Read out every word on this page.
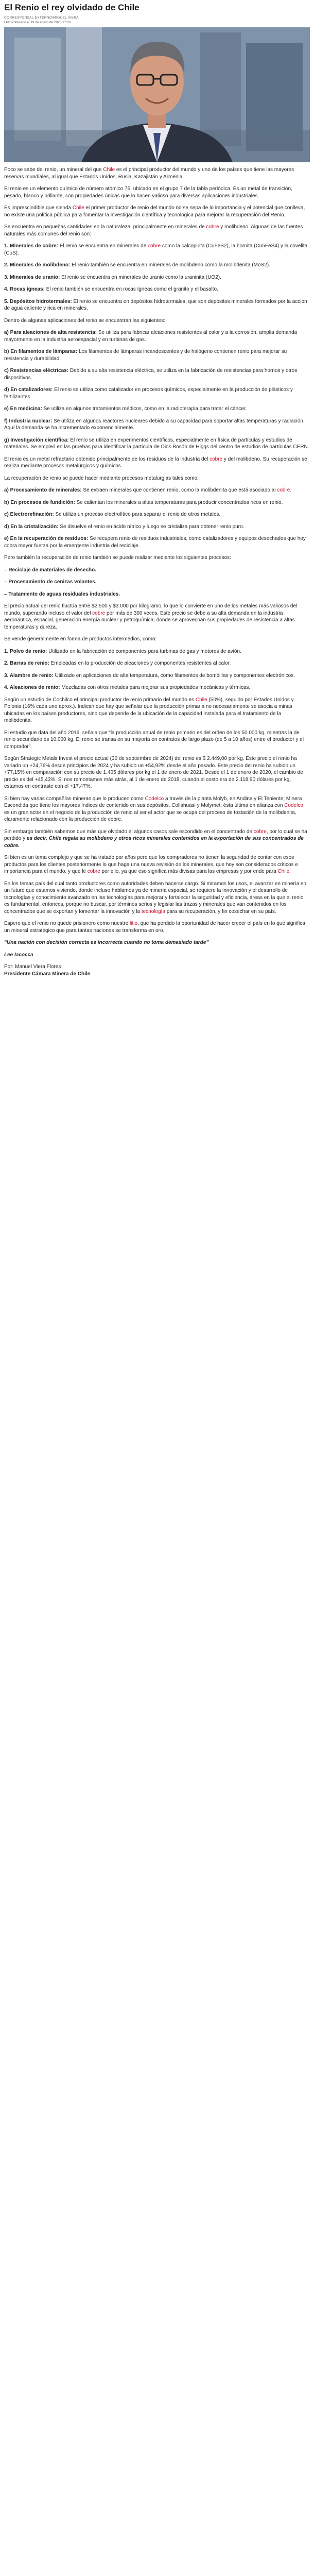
El Renio el rey olvidado de Chile
CORRESPONSAL EXTERNO/MIGUEL VIERA
LPB Publicado el 19 de enero de 2023 17:00

Poco se sabe del renio, un mineral del que Chile es el principal productor del mundo y uno de los países que tiene las mayores reservas mundiales, al igual que Estados Unidos, Rusia, Kazajistán y Armenia.

El renio es un elemento químico de número atómico 75, ubicado en el grupo 7 de la tabla periódica. Es un metal de transición, pesado, blanco y brillante, con propiedades únicas que lo hacen valioso para diversas aplicaciones industriales.

Es imprescindible que sienda Chile el primer productor de renio del mundo no se sepa de lo importancia y el potencial que conlleva, no existe una política pública para fomentar la investigación científica y tecnológica para mejorar la recuperación del Renio.

Se encuentra en pequeñas cantidades en la naturaleza, principalmente en minerales de cobre y molibdeno. Algunas de las fuentes naturales más comunes del renio son:

1. Minerales de cobre: El renio se encuentra en minerales de cobre como la calcopirita (CuFeS2), la bornita (Cu5FeS4) y la covelita (CuS).

2. Minerales de molibdeno: El renio también se encuentra en minerales de molibdeno como la molibdenita (MoS2).

3. Minerales de uranio: El renio se encuentra en minerales de uranio como la uraninita (UO2).

4. Rocas ígneas: El renio también se encuentra en rocas ígneas como el granito y el basalto.

5. Depósitos hidrotermales: El renio se encuentra en depósitos hidrotermales, que son depósitos minerales formados por la acción de agua caliente y rica en minerales.

Dentro de algunas aplicaciones del renio se encuentran las siguientes:

a) Para aleaciones de alta resistencia: Se utiliza para fabricar aleaciones resistentes al calor y a la corrosión, amplia demanda mayormente en la industria aeroespacial y en turbinas de gas.

b) En filamentos de lámparas: Los filamentos de lámparas incandescentes y de halógeno contienen renio para mejorar su resistencia y durabilidad.

c) Resistencias eléctricas: Debido a su alta resistencia eléctrica, se utiliza en la fabricación de resistencias para hornos y otros dispositivos.

d) En catalizadores: El renio se utiliza como catalizador en procesos químicos, especialmente en la producción de plásticos y fertilizantes.

e) En medicina: Se utiliza en algunos tratamientos médicos, como en la radioterapia para tratar el cáncer.

f) Industria nuclear: Se utiliza en algunos reactores nucleares debido a su capacidad para soportar altas temperaturas y radiación. Aquí la demanda se ha incrementado exponencialmente.

g) Investigación científica: El renio se utiliza en experimentos científicos, especialmente en física de partículas y estudios de materiales. Se empleó en las pruebas para identificar la partícula de Dios Bosón de Higgs del centro de estudios de partículas CERN.

El renio es un metal refractario obtenido principalmente de los residuos de la industria del cobre y del molibdeno. Su recuperación se realiza mediante procesos metalúrgicos y químicos.

La recuperación de renio se puede hacer mediante procesos metalurgias tales como:

a) Procesamiento de minerales: Se extraen minerales que contienen renio, como la molibdenita que está asociado al cobre.

b) En procesos de fundición: Se calientan los minerales a altas temperaturas para producir concentrados ricos en renio.

c) Electrorefinación: Se utiliza un proceso electrolítico para separar el renio de otros metales.

d) En la cristalización: Se disuelve el renio en ácido nítrico y luego se cristaliza para obtener renio puro.

e) En la recuperación de residuos: Se recupera renio de residuos industriales, como catalizadores y equipos desechados que hoy cobra mayor fuerza por la emergente industria del reciclaje.

Pero también la recuperación de renio también se puede realizar mediante los siguientes procesos:

– Reciclaje de materiales de desecho.

– Procesamiento de cenizas volantes.

– Tratamiento de aguas residuales industriales.

El precio actual del renio fluctúa entre $2.500 y $3.000 por kilogramo, lo que lo convierte en uno de los metales más valiosos del mundo, superando incluso el valor del cobre por más de 300 veces. Este precio se debe a su alta demanda en la industria aeronáutica, espacial, generación energía nuclear y petroquímica, donde se aprovechan sus propiedades de resistencia a altas temperaturas y dureza.

Se vende generalmente en forma de productos intermedios, como:

1. Polvo de renio: Utilizado en la fabricación de componentes para turbinas de gas y motores de avión.

2. Barras de renio: Empleadas en la producción de aleaciones y componentes resistentes al calor.

3. Alambre de renio: Utilizado en aplicaciones de alta temperatura, como filamentos de bombillas y componentes electrónicos.

4. Aleaciones de renio: Mezcladas con otros metales para mejorar sus propiedades mecánicas y térmicas.

Según un estudio de Cochilco el principal productor de renio primario del mundo es Chile (50%), seguido por Estados Unidos y Polonia (16% cada uno aprox.). Indican que hay que señalar que la producción primaria no necesariamente se asocia a minas ubicadas en los países productores, sino que depende de la ubicación de la capacidad instalada para el tratamiento de la molibdenita.

El estudio que data del año 2016, señala que “la producción anual de renio primario es del orden de los 50.000 kg, mientras la de renio secundario es 10.000 kg. El renio se transa en su mayoría en contratos de largo plazo (de 5 a 10 años) entre el productor y el comprador”.

Según Strategic Metals Invest el precio actual (30 de septiembre de 2024) del renio es $ 2.449,00 por kg. Este precio el renio ha variado un +24,76% desde principios de 2024 y ha subido un +54,92% desde el año pasado. Este precio del renio ha subido un +77,15% en comparación con su precio de 1.405 dólares por kg el 1 de enero de 2021. Desde el 1 de enero de 2020, el cambio de precio es del +45,43%. Si nos remontamos más atrás, al 1 de enero de 2018, cuando el costo era de 2.118,90 dólares por kg, estamos en contraste con el +17,47%.

Si bien hay varias compañías mineras que lo producen como Codelco a través de la planta Molyb, en Andina y El Teniente; Minera Escondida que tiene los mayores índices de contenido en sus depósitos, Collahuasi y Molymet, ésta última en alianza con Codelco es un gran actor en el negocio de la producción de renio al ser el actor que se ocupa del proceso de tostación de la molibdenita, claramente relacionado con la producción de cobre.

Sin embargo también sabemos que más que olvidado el algunos casos sale escondido en el concentrado de cobre, por lo cual se ha perdido y es decir, Chile regala su molibdeno y otros ricos minerales contenidos en la exportación de sus concentrados de cobre.

Si bien es un tema complejo y que se ha tratado por años pero que los compradores no tienen la seguridad de contar con esos productos para los clientes posteriormente lo que haga una nueva revisión de los minerales, que hoy son considerados críticos e importancia para el mundo, y que le cobre por ello, ya que eso significa más divisas para las empresas y por ende para Chile.

En los temas país del cual tanto productores como autoridades deben hacerse cargo. Si miramos los usos, el avanzar en minería en un futuro que estamos viviendo, donde incluso hablamos ya de minería espacial, se requiere la innovación y el desarrollo de tecnologías y conocimiento avanzado en las tecnologías para mejorar y fortalecer la seguridad y eficiencia, áreas en la que el renio es fundamental, entonces, porque no buscar, por términos serios y legislar las trazas y minerales que van contenidos en los concentrados que se exportan y fomentar la innovación y la tecnología para su recuperación, y fin cosechar en su país.

Espero que el renio no quede prisionero como nuestro litio, que ha perdido la oportunidad de hacer crecer el país en lo que significa un mineral estratégico que para tantas naciones se transforma en oro.

“Una nación con decisión correcta es incorrecta cuando no toma demasiado tarde”

Lee Iacocca

Por: Manuel Viera Flores
Presidente Cámara Minera de Chile
